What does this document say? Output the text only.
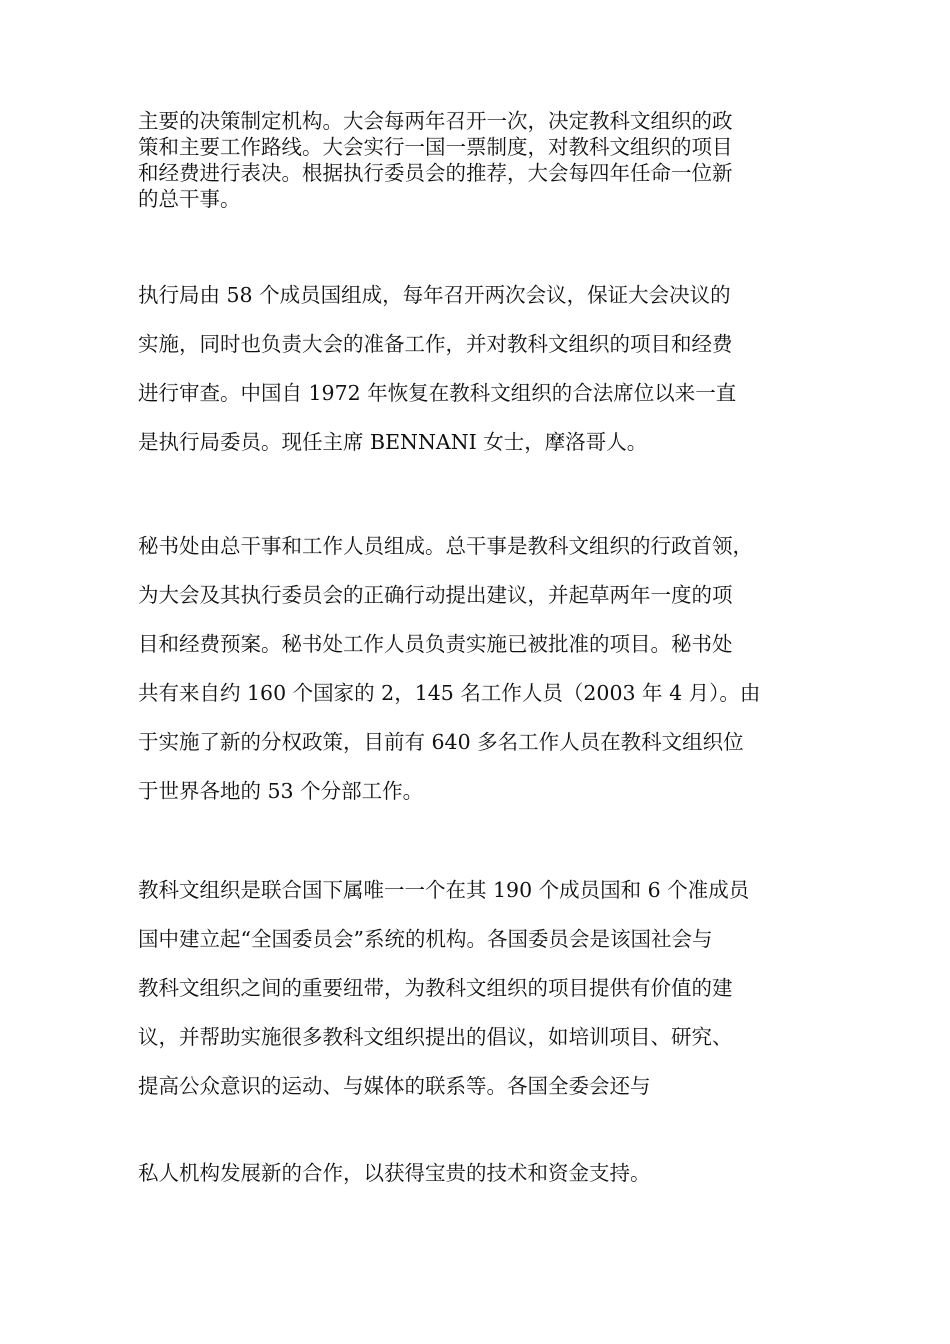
主要的决策制定机构。大会每两年召开一次，决定教科文组织的政
策和主要工作路线。大会实行一国一票制度，对教科文组织的项目
和经费进行表决。根据执行委员会的推荐，大会每四年任命一位新
的总干事。
执行局由 58 个成员国组成，每年召开两次会议，保证大会决议的
实施，同时也负责大会的准备工作，并对教科文组织的项目和经费
进行审查。中国自 1972 年恢复在教科文组织的合法席位以来一直
是执行局委员。现任主席 BENNANI 女士，摩洛哥人。
秘书处由总干事和工作人员组成。总干事是教科文组织的行政首领，
为大会及其执行委员会的正确行动提出建议，并起草两年一度的项
目和经费预案。秘书处工作人员负责实施已被批准的项目。秘书处
共有来自约 160 个国家的 2，145 名工作人员（2003 年 4 月）。由
于实施了新的分权政策，目前有 640 多名工作人员在教科文组织位
于世界各地的 53 个分部工作。
教科文组织是联合国下属唯一一个在其 190 个成员国和 6 个准成员
国中建立起“全国委员会”系统的机构。各国委员会是该国社会与
教科文组织之间的重要纽带，为教科文组织的项目提供有价值的建
议，并帮助实施很多教科文组织提出的倡议，如培训项目、研究、
提高公众意识的运动、与媒体的联系等。各国全委会还与
私人机构发展新的合作，以获得宝贵的技术和资金支持。
